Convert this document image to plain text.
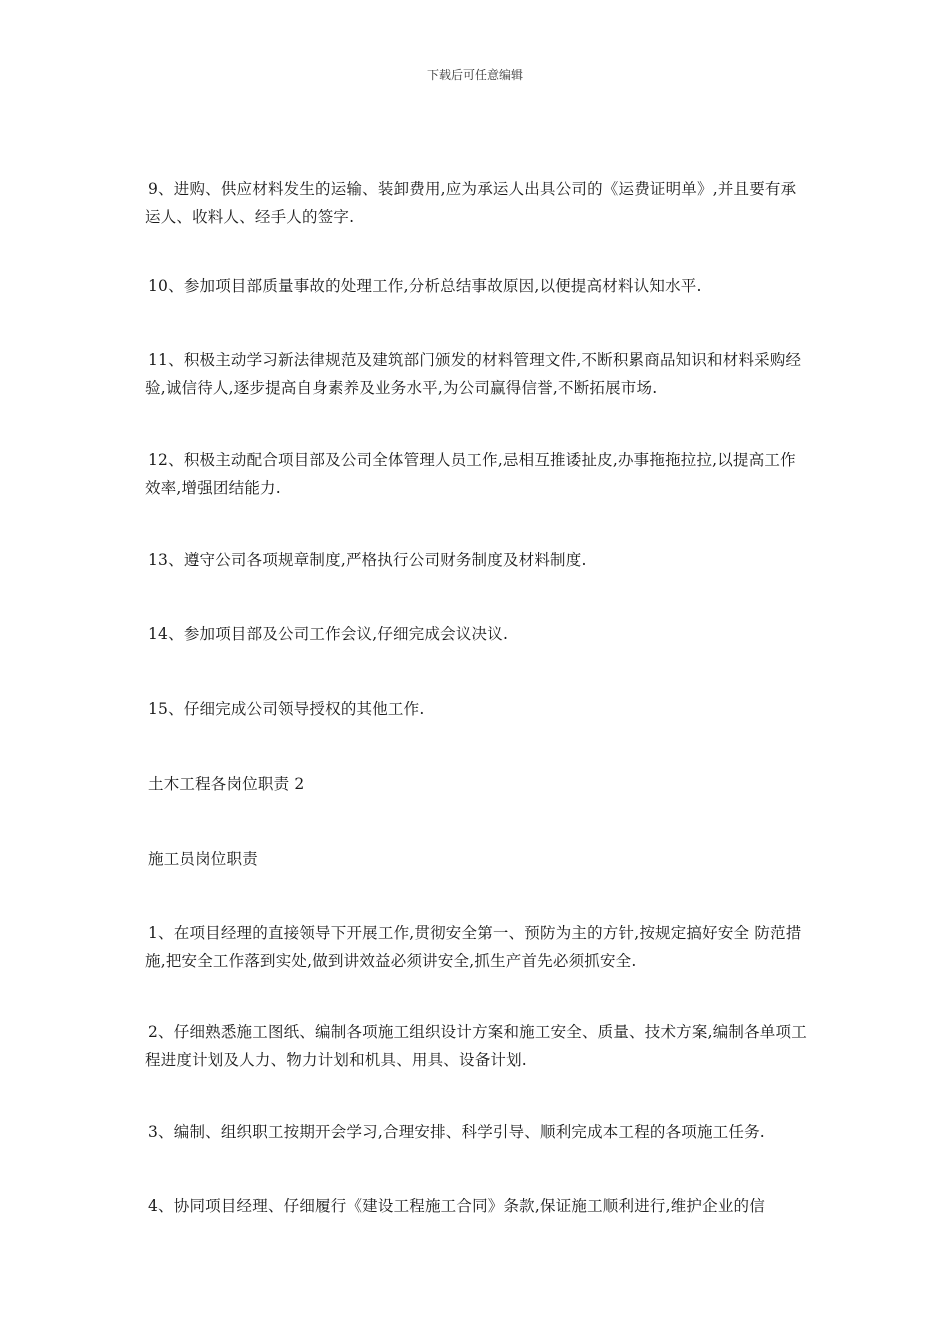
下载后可任意编辑

9、进购、供应材料发生的运输、装卸费用,应为承运人出具公司的《运费证明单》,并且要有承运人、收料人、经手人的签字.

10、参加项目部质量事故的处理工作,分析总结事故原因,以便提高材料认知水平.

11、积极主动学习新法律规范及建筑部门颁发的材料管理文件,不断积累商品知识和材料采购经验,诚信待人,逐步提高自身素养及业务水平,为公司赢得信誉,不断拓展市场.

12、积极主动配合项目部及公司全体管理人员工作,忌相互推诿扯皮,办事拖拖拉拉,以提高工作效率,增强团结能力.

13、遵守公司各项规章制度,严格执行公司财务制度及材料制度.

14、参加项目部及公司工作会议,仔细完成会议决议.

15、仔细完成公司领导授权的其他工作.

土木工程各岗位职责 2

施工员岗位职责

1、在项目经理的直接领导下开展工作,贯彻安全第一、预防为主的方针,按规定搞好安全 防范措施,把安全工作落到实处,做到讲效益必须讲安全,抓生产首先必须抓安全.

2、仔细熟悉施工图纸、编制各项施工组织设计方案和施工安全、质量、技术方案,编制各单项工程进度计划及人力、物力计划和机具、用具、设备计划.

3、编制、组织职工按期开会学习,合理安排、科学引导、顺利完成本工程的各项施工任务.

4、协同项目经理、仔细履行《建设工程施工合同》条款,保证施工顺利进行,维护企业的信
